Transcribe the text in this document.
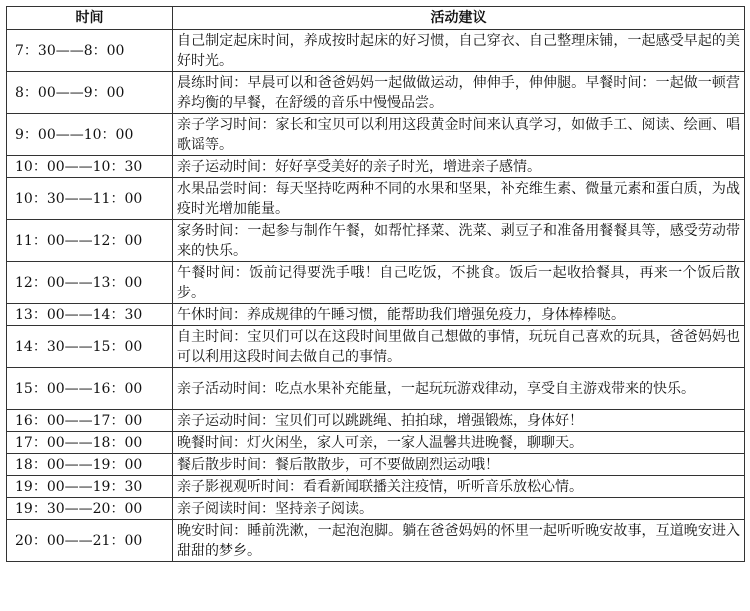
时间	活动建议
7：30——8：00	自己制定起床时间，养成按时起床的好习惯，自己穿衣、自己整理床铺，一起感受早起的美好时光。
8：00——9：00	晨练时间：早晨可以和爸爸妈妈一起做做运动，伸伸手，伸伸腿。早餐时间：一起做一顿营养均衡的早餐，在舒缓的音乐中慢慢品尝。
9：00——10：00	亲子学习时间：家长和宝贝可以利用这段黄金时间来认真学习，如做手工、阅读、绘画、唱歌谣等。
10：00——10：30	亲子运动时间：好好享受美好的亲子时光，增进亲子感情。
10：30——11：00	水果品尝时间：每天坚持吃两种不同的水果和坚果，补充维生素、微量元素和蛋白质，为战疫时光增加能量。
11：00——12：00	家务时间：一起参与制作午餐，如帮忙择菜、洗菜、剥豆子和准备用餐餐具等，感受劳动带来的快乐。
12：00——13：00	午餐时间：饭前记得要洗手哦！自己吃饭，不挑食。饭后一起收拾餐具，再来一个饭后散步。
13：00——14：30	午休时间：养成规律的午睡习惯，能帮助我们增强免疫力，身体棒棒哒。
14：30——15：00	自主时间：宝贝们可以在这段时间里做自己想做的事情，玩玩自己喜欢的玩具，爸爸妈妈也可以利用这段时间去做自己的事情。
15：00——16：00	亲子活动时间：吃点水果补充能量，一起玩玩游戏律动，享受自主游戏带来的快乐。
16：00——17：00	亲子运动时间：宝贝们可以跳跳绳、拍拍球，增强锻炼，身体好！
17：00——18：00	晚餐时间：灯火闲坐，家人可亲，一家人温馨共进晚餐，聊聊天。
18：00——19：00	餐后散步时间：餐后散散步，可不要做剧烈运动哦！
19：00——19：30	亲子影视观听时间：看看新闻联播关注疫情，听听音乐放松心情。
19：30——20：00	亲子阅读时间：坚持亲子阅读。
20：00——21：00	晚安时间：睡前洗漱，一起泡泡脚。躺在爸爸妈妈的怀里一起听听晚安故事，互道晚安进入甜甜的梦乡。
